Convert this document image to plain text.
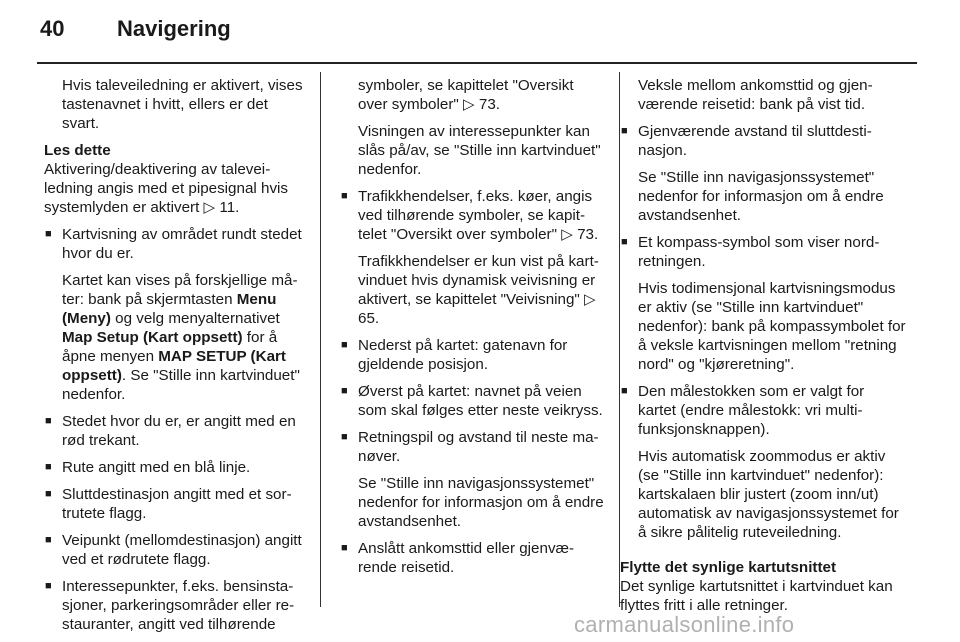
40 Navigering

Hvis taleveiledning er aktivert, vises tastenavnet i hvitt, ellers er det svart.

Les dette

Aktivering/deaktivering av taleveiledning angis med et pipesignal hvis systemlyden er aktivert ▷ 11.

■ Kartvisning av området rundt stedet hvor du er.

Kartet kan vises på forskjellige måter: bank på skjermtasten Menu (Meny) og velg menyalternativet Map Setup (Kart oppsett) for å åpne menyen MAP SETUP (Kart oppsett). Se "Stille inn kartvinduet" nedenfor.

■ Stedet hvor du er, er angitt med en rød trekant.

■ Rute angitt med en blå linje.

■ Sluttdestinasjon angitt med et sortrutete flagg.

■ Veipunkt (mellomdestinasjon) angitt ved et rødrutete flagg.

■ Interessepunkter, f.eks. bensinstasjoner, parkeringsområder eller restauranter, angitt ved tilhørende

symboler, se kapittelet "Oversikt over symboler" ▷ 73.

Visningen av interessepunkter kan slås på/av, se "Stille inn kartvinduet" nedenfor.

■ Trafikkhendelser, f.eks. køer, angis ved tilhørende symboler, se kapittelet "Oversikt over symboler" ▷ 73.

Trafikkhendelser er kun vist på kartvinduet hvis dynamisk veivisning er aktivert, se kapittelet "Veivisning" ▷ 65.

■ Nederst på kartet: gatenavn for gjeldende posisjon.

■ Øverst på kartet: navnet på veien som skal følges etter neste veikryss.

■ Retningspil og avstand til neste manøver.

Se "Stille inn navigasjonssystemet" nedenfor for informasjon om å endre avstandsenhet.

■ Anslått ankomsttid eller gjenværende reisetid.

Veksle mellom ankomsttid og gjenværende reisetid: bank på vist tid.

■ Gjenværende avstand til sluttdestinasjon.

Se "Stille inn navigasjonssystemet" nedenfor for informasjon om å endre avstandsenhet.

■ Et kompass-symbol som viser nord-retningen.

Hvis todimensjonal kartvisningsmodus er aktiv (se "Stille inn kartvinduet" nedenfor): bank på kompassymbolet for å veksle kartvisningen mellom "retning nord" og "kjøreretning".

■ Den målestokken som er valgt for kartet (endre målestokk: vri multifunksjonsknappen).

Hvis automatisk zoommodus er aktiv (se "Stille inn kartvinduet" nedenfor): kartskalaen blir justert (zoom inn/ut) automatisk av navigasjonssystemet for å sikre pålitelig ruteveiledning.

Flytte det synlige kartutsnittet

Det synlige kartutsnittet i kartvinduet kan flyttes fritt i alle retninger.

carmanualsonline.info
